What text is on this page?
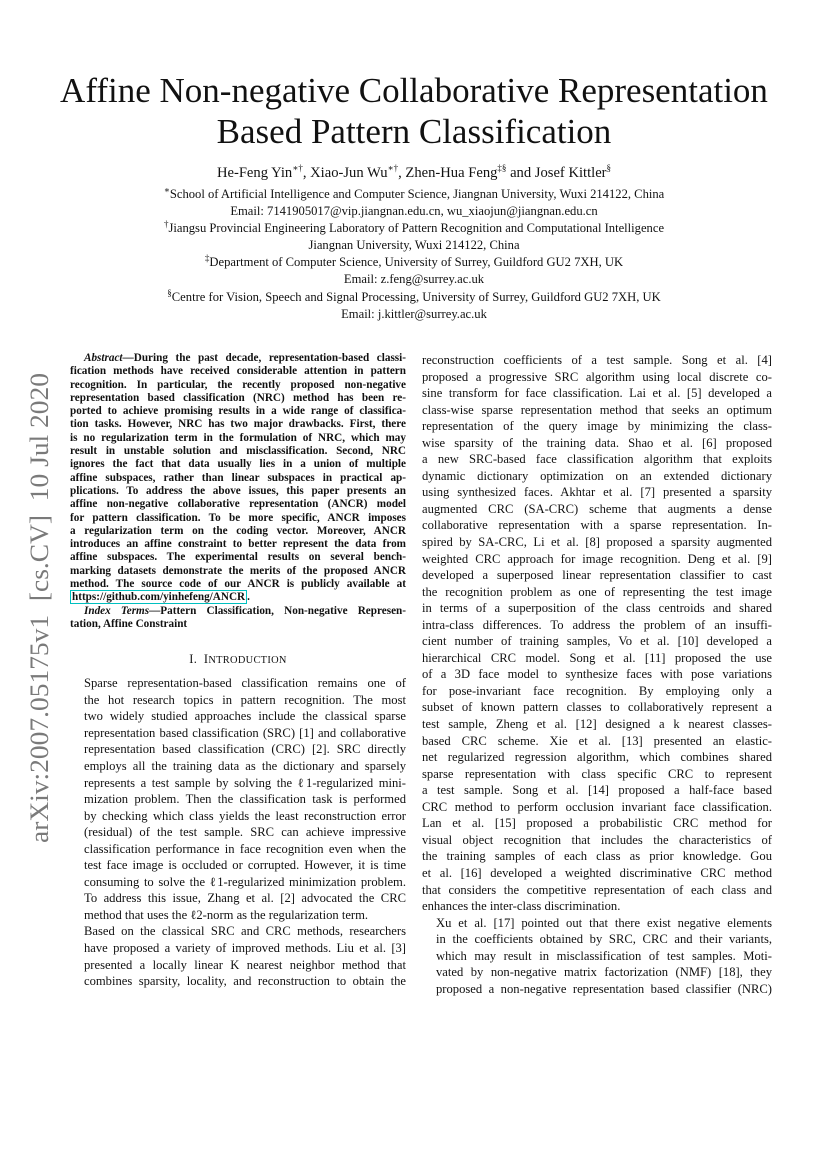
Affine Non-negative Collaborative Representation
Based Pattern Classification
He-Feng Yin∗†, Xiao-Jun Wu∗†, Zhen-Hua Feng‡§ and Josef Kittler§
∗School of Artificial Intelligence and Computer Science, Jiangnan University, Wuxi 214122, China
Email: 7141905017@vip.jiangnan.edu.cn, wu_xiaojun@jiangnan.edu.cn
†Jiangsu Provincial Engineering Laboratory of Pattern Recognition and Computational Intelligence
Jiangnan University, Wuxi 214122, China
‡Department of Computer Science, University of Surrey, Guildford GU2 7XH, UK
Email: z.feng@surrey.ac.uk
§Centre for Vision, Speech and Signal Processing, University of Surrey, Guildford GU2 7XH, UK
Email: j.kittler@surrey.ac.uk
arXiv:2007.05175v1  [cs.CV]  10 Jul 2020
Abstract—During the past decade, representation-based classi-
fication methods have received considerable attention in pattern
recognition. In particular, the recently proposed non-negative
representation based classification (NRC) method has been re-
ported to achieve promising results in a wide range of classifica-
tion tasks. However, NRC has two major drawbacks. First, there
is no regularization term in the formulation of NRC, which may
result in unstable solution and misclassification. Second, NRC
ignores the fact that data usually lies in a union of multiple
affine subspaces, rather than linear subspaces in practical ap-
plications. To address the above issues, this paper presents an
affine non-negative collaborative representation (ANCR) model
for pattern classification. To be more specific, ANCR imposes
a regularization term on the coding vector. Moreover, ANCR
introduces an affine constraint to better represent the data from
affine subspaces. The experimental results on several bench-
marking datasets demonstrate the merits of the proposed ANCR
method. The source code of our ANCR is publicly available at
https://github.com/yinhefeng/ANCR .
Index Terms—Pattern Classification, Non-negative Represen-
tation, Affine Constraint
I. INTRODUCTION
Sparse representation-based classification remains one of
the hot research topics in pattern recognition. The most
two widely studied approaches include the classical sparse
representation based classification (SRC) [1] and collaborative
representation based classification (CRC) [2]. SRC directly
employs all the training data as the dictionary and sparsely
represents a test sample by solving the ℓ1-regularized mini-
mization problem. Then the classification task is performed
by checking which class yields the least reconstruction error
(residual) of the test sample. SRC can achieve impressive
classification performance in face recognition even when the
test face image is occluded or corrupted. However, it is time
consuming to solve the ℓ1-regularized minimization problem.
To address this issue, Zhang et al. [2] advocated the CRC
method that uses the ℓ2-norm as the regularization term.
Based on the classical SRC and CRC methods, researchers
have proposed a variety of improved methods. Liu et al. [3]
presented a locally linear K nearest neighbor method that
combines sparsity, locality, and reconstruction to obtain the
reconstruction coefficients of a test sample. Song et al. [4]
proposed a progressive SRC algorithm using local discrete co-
sine transform for face classification. Lai et al. [5] developed a
class-wise sparse representation method that seeks an optimum
representation of the query image by minimizing the class-
wise sparsity of the training data. Shao et al. [6] proposed
a new SRC-based face classification algorithm that exploits
dynamic dictionary optimization on an extended dictionary
using synthesized faces. Akhtar et al. [7] presented a sparsity
augmented CRC (SA-CRC) scheme that augments a dense
collaborative representation with a sparse representation. In-
spired by SA-CRC, Li et al. [8] proposed a sparsity augmented
weighted CRC approach for image recognition. Deng et al. [9]
developed a superposed linear representation classifier to cast
the recognition problem as one of representing the test image
in terms of a superposition of the class centroids and shared
intra-class differences. To address the problem of an insuffi-
cient number of training samples, Vo et al. [10] developed a
hierarchical CRC model. Song et al. [11] proposed the use
of a 3D face model to synthesize faces with pose variations
for pose-invariant face recognition. By employing only a
subset of known pattern classes to collaboratively represent a
test sample, Zheng et al. [12] designed a k nearest classes-
based CRC scheme. Xie et al. [13] presented an elastic-
net regularized regression algorithm, which combines shared
sparse representation with class specific CRC to represent
a test sample. Song et al. [14] proposed a half-face based
CRC method to perform occlusion invariant face classification.
Lan et al. [15] proposed a probabilistic CRC method for
visual object recognition that includes the characteristics of
the training samples of each class as prior knowledge. Gou
et al. [16] developed a weighted discriminative CRC method
that considers the competitive representation of each class and
enhances the inter-class discrimination.
Xu et al. [17] pointed out that there exist negative elements
in the coefficients obtained by SRC, CRC and their variants,
which may result in misclassification of test samples. Moti-
vated by non-negative matrix factorization (NMF) [18], they
proposed a non-negative representation based classifier (NRC)
